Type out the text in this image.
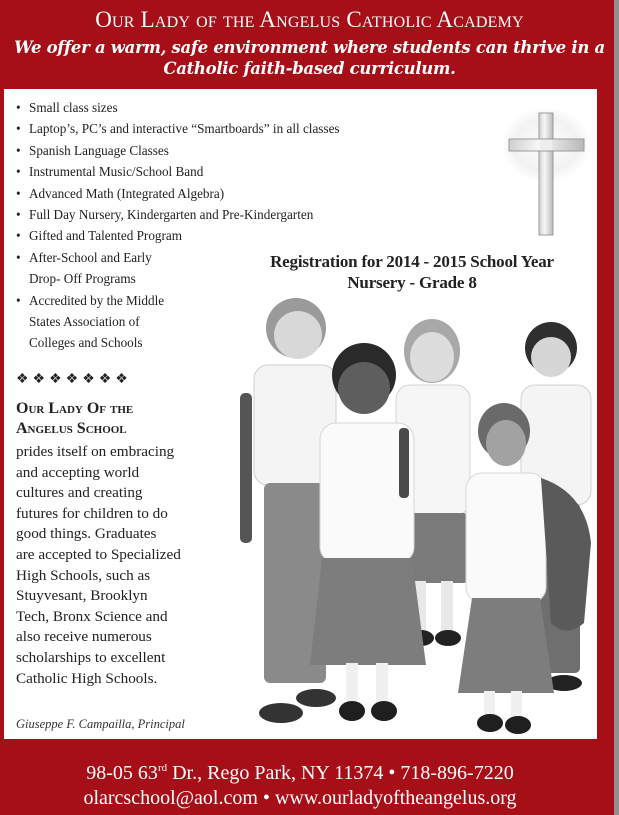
Our Lady of the Angelus Catholic Academy
We offer a warm, safe environment where students can thrive in a Catholic faith-based curriculum.
• Small class sizes
• Laptop’s, PC’s and interactive “Smartboards” in all classes
• Spanish Language Classes
• Instrumental Music/School Band
• Advanced Math (Integrated Algebra)
• Full Day Nursery, Kindergarten and Pre-Kindergarten
• Gifted and Talented Program
• After-School and Early
Drop- Off Programs
• Accredited by the Middle
States Association of
Colleges and Schools
Registration for 2014 - 2015 School Year
Nursery - Grade 8
❖❖❖❖❖❖❖
Our Lady Of the
Angelus School
prides itself on embracing
and accepting world
cultures and creating
futures for children to do
good things. Graduates
are accepted to Specialized
High Schools, such as
Stuyvesant, Brooklyn
Tech, Bronx Science and
also receive numerous
scholarships to excellent
Catholic High Schools.
Giuseppe F. Campailla, Principal
98-05 63rd Dr., Rego Park, NY 11374 • 718-896-7220
olarcschool@aol.com • www.ourladyoftheangelus.org
